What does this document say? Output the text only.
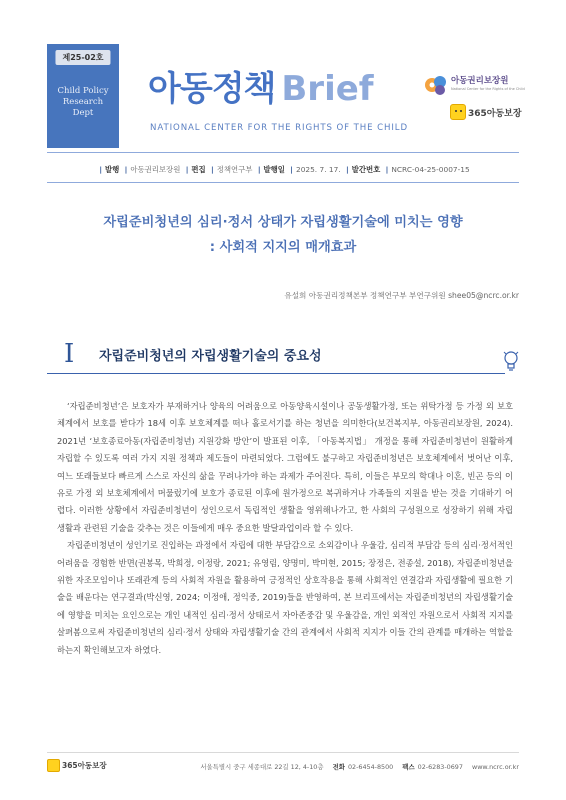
제25-02호
Child Policy
Research
Dept
아동정책 Brief
NATIONAL CENTER FOR THE RIGHTS OF THE CHILD
아동권리보장원
National Center for the Rights of the Child
365아동보장
| 발행 | 아동권리보장원 | 편집 | 정책연구부 | 발행일 | 2025. 7. 17. | 발간번호 | NCRC-04-25-0007-15
자립준비청년의 심리·정서 상태가 자립생활기술에 미치는 영향
: 사회적 지지의 매개효과
유설희 아동권리정책본부 정책연구부 부연구위원 shee05@ncrc.or.kr
I 자립준비청년의 자립생활기술의 중요성

‘자립준비청년’은 보호자가 부재하거나 양육의 어려움으로 아동양육시설이나 공동생활가정, 또는 위탁가정 등 가정 외 보호체계에서 보호를 받다가 18세 이후 보호체계를 떠나 홀로서기를 하는 청년을 의미한다(보건복지부, 아동권리보장원, 2024). 2021년 ‘보호종료아동(자립준비청년) 지원강화 방안’이 발표된 이후, 「아동복지법」 개정을 통해 자립준비청년이 원활하게 자립할 수 있도록 여러 가지 지원 정책과 제도들이 마련되었다. 그럼에도 불구하고 자립준비청년은 보호체계에서 벗어난 이후, 여느 또래들보다 빠르게 스스로 자신의 삶을 꾸려나가야 하는 과제가 주어진다. 특히, 이들은 부모의 학대나 이혼, 빈곤 등의 이유로 가정 외 보호체계에서 머물렀기에 보호가 종료된 이후에 원가정으로 복귀하거나 가족들의 지원을 받는 것을 기대하기 어렵다. 이러한 상황에서 자립준비청년이 성인으로서 독립적인 생활을 영위해나가고, 한 사회의 구성원으로 성장하기 위해 자립생활과 관련된 기술을 갖추는 것은 이들에게 매우 중요한 발달과업이라 할 수 있다.

자립준비청년이 성인기로 진입하는 과정에서 자립에 대한 부담감으로 소외감이나 우울감, 심리적 부담감 등의 심리·정서적인 어려움을 경험한 반면(권봉목, 박희정, 이정랑, 2021; 유영림, 양명미, 박미현, 2015; 장정은, 전종설, 2018), 자립준비청년을 위한 자조모임이나 또래관계 등의 사회적 자원을 활용하여 긍정적인 상호작용을 통해 사회적인 연결감과 자립생활에 필요한 기술을 배운다는 연구결과(박신영, 2024; 이정애, 정익중, 2019)들을 반영하여, 본 브리프에서는 자립준비청년의 자립생활기술에 영향을 미치는 요인으로는 개인 내적인 심리·정서 상태로서 자아존중감 및 우울감을, 개인 외적인 자원으로서 사회적 지지를 살펴봄으로써 자립준비청년의 심리·정서 상태와 자립생활기술 간의 관계에서 사회적 지지가 이들 간의 관계를 매개하는 역할을 하는지 확인해보고자 하였다.

365아동보장	서울특별시 중구 세종대로 22길 12, 4-10층 전화 02-6454-8500 팩스 02-6283-0697 www.ncrc.or.kr
